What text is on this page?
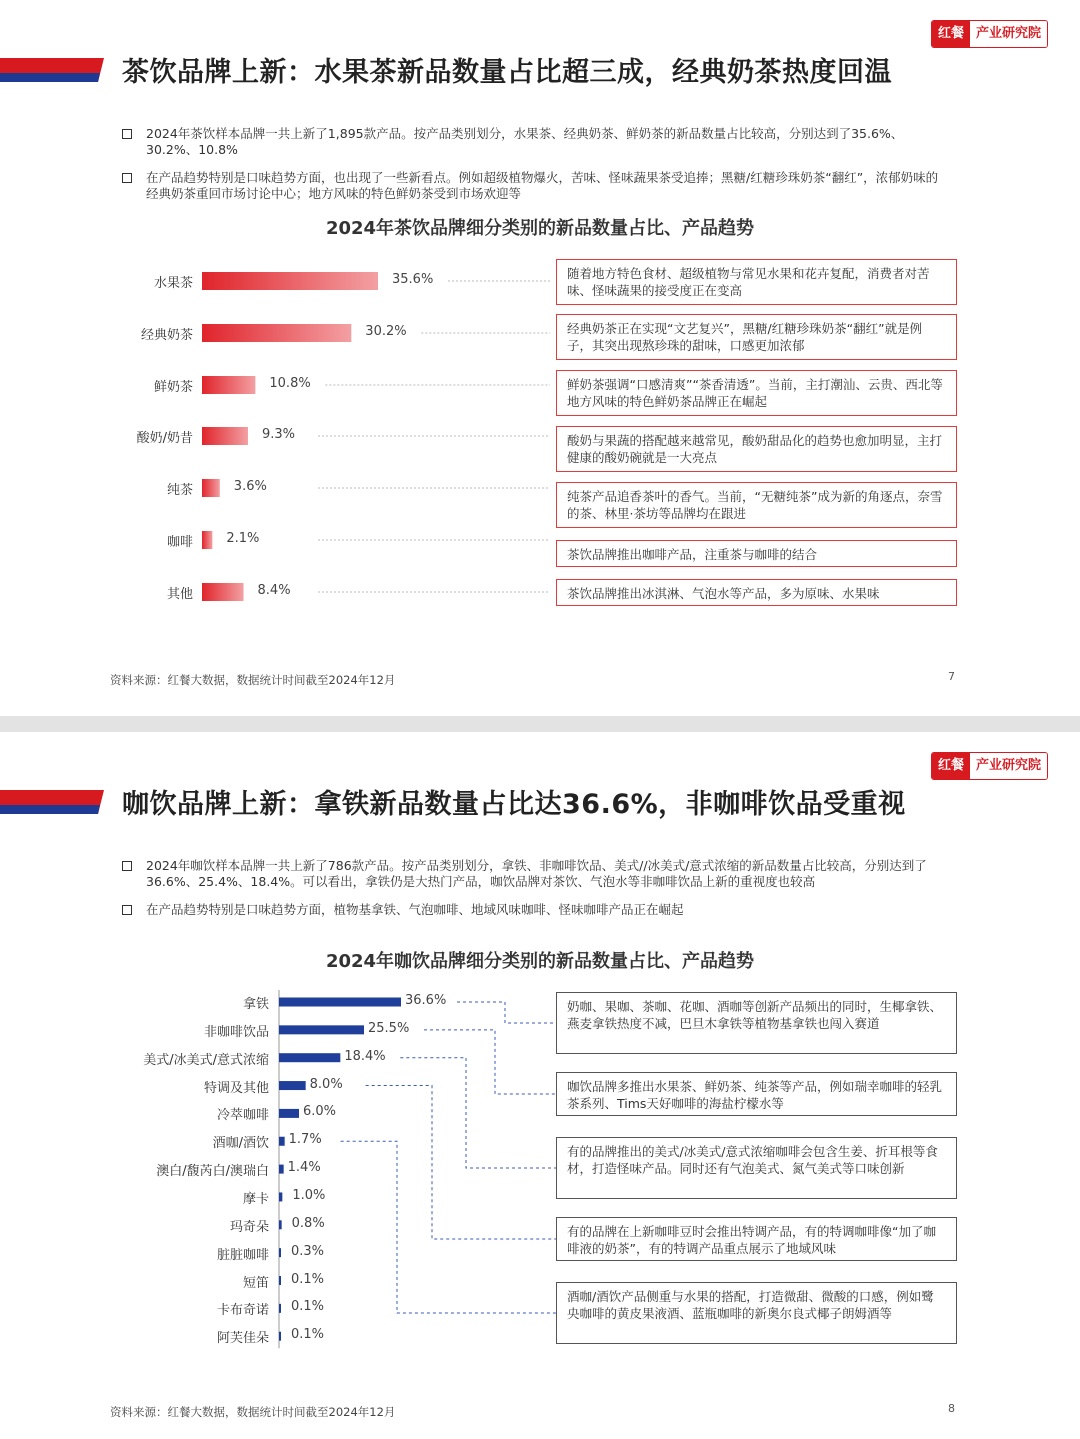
茶饮品牌上新：水果茶新品数量占比超三成，经典奶茶热度回温
红餐 产业研究院
2024年茶饮样本品牌一共上新了1,895款产品。按产品类别划分，水果茶、经典奶茶、鲜奶茶的新品数量占比较高，分别达到了35.6%、30.2%、10.8%
在产品趋势特别是口味趋势方面，也出现了一些新看点。例如超级植物爆火，苦味、怪味蔬果茶受追捧；黑糖/红糖珍珠奶茶“翻红”，浓郁奶味的经典奶茶重回市场讨论中心；地方风味的特色鲜奶茶受到市场欢迎等
2024年茶饮品牌细分类别的新品数量占比、产品趋势
水果茶	35.6%
经典奶茶	30.2%
鲜奶茶	10.8%
酸奶/奶昔	9.3%
纯茶	3.6%
咖啡	2.1%
其他	8.4%
随着地方特色食材、超级植物与常见水果和花卉复配，消费者对苦味、怪味蔬果的接受度正在变高
经典奶茶正在实现“文艺复兴”，黑糖/红糖珍珠奶茶“翻红”就是例子，其突出现熬珍珠的甜味，口感更加浓郁
鲜奶茶强调“口感清爽”“茶香清透”。当前，主打潮汕、云贵、西北等地方风味的特色鲜奶茶品牌正在崛起
酸奶与果蔬的搭配越来越常见，酸奶甜品化的趋势也愈加明显，主打健康的酸奶碗就是一大亮点
纯茶产品追香茶叶的香气。当前，“无糖纯茶”成为新的角逐点，奈雪的茶、林里·茶坊等品牌均在跟进
茶饮品牌推出咖啡产品，注重茶与咖啡的结合
茶饮品牌推出冰淇淋、气泡水等产品，多为原味、水果味
资料来源：红餐大数据，数据统计时间截至2024年12月	7
咖饮品牌上新：拿铁新品数量占比达36.6%，非咖啡饮品受重视
红餐 产业研究院
2024年咖饮样本品牌一共上新了786款产品。按产品类别划分，拿铁、非咖啡饮品、美式//冰美式/意式浓缩的新品数量占比较高，分别达到了36.6%、25.4%、18.4%。可以看出，拿铁仍是大热门产品，咖饮品牌对茶饮、气泡水等非咖啡饮品上新的重视度也较高
在产品趋势特别是口味趋势方面，植物基拿铁、气泡咖啡、地域风味咖啡、怪味咖啡产品正在崛起
2024年咖饮品牌细分类别的新品数量占比、产品趋势
拿铁	36.6%
非咖啡饮品	25.5%
美式/冰美式/意式浓缩	18.4%
特调及其他	8.0%
冷萃咖啡	6.0%
酒咖/酒饮 1.7%
澳白/馥芮白/澳瑞白 1.4%
摩卡 1.0%
玛奇朵 0.8%
脏脏咖啡 0.3%
短笛 0.1%
卡布奇诺 0.1%
阿芙佳朵 0.1%
奶咖、果咖、茶咖、花咖、酒咖等创新产品频出的同时，生椰拿铁、燕麦拿铁热度不减，巴旦木拿铁等植物基拿铁也闯入赛道
咖饮品牌多推出水果茶、鲜奶茶、纯茶等产品，例如瑞幸咖啡的轻乳茶系列、Tims天好咖啡的海盐柠檬水等
有的品牌推出的美式/冰美式/意式浓缩咖啡会包含生姜、折耳根等食材，打造怪味产品。同时还有气泡美式、氮气美式等口味创新
有的品牌在上新咖啡豆时会推出特调产品，有的特调咖啡像“加了咖啡液的奶茶”，有的特调产品重点展示了地域风味
酒咖/酒饮产品侧重与水果的搭配，打造微甜、微酸的口感，例如鹭央咖啡的黄皮果液酒、蓝瓶咖啡的新奥尔良式椰子朗姆酒等
资料来源：红餐大数据，数据统计时间截至2024年12月	8
